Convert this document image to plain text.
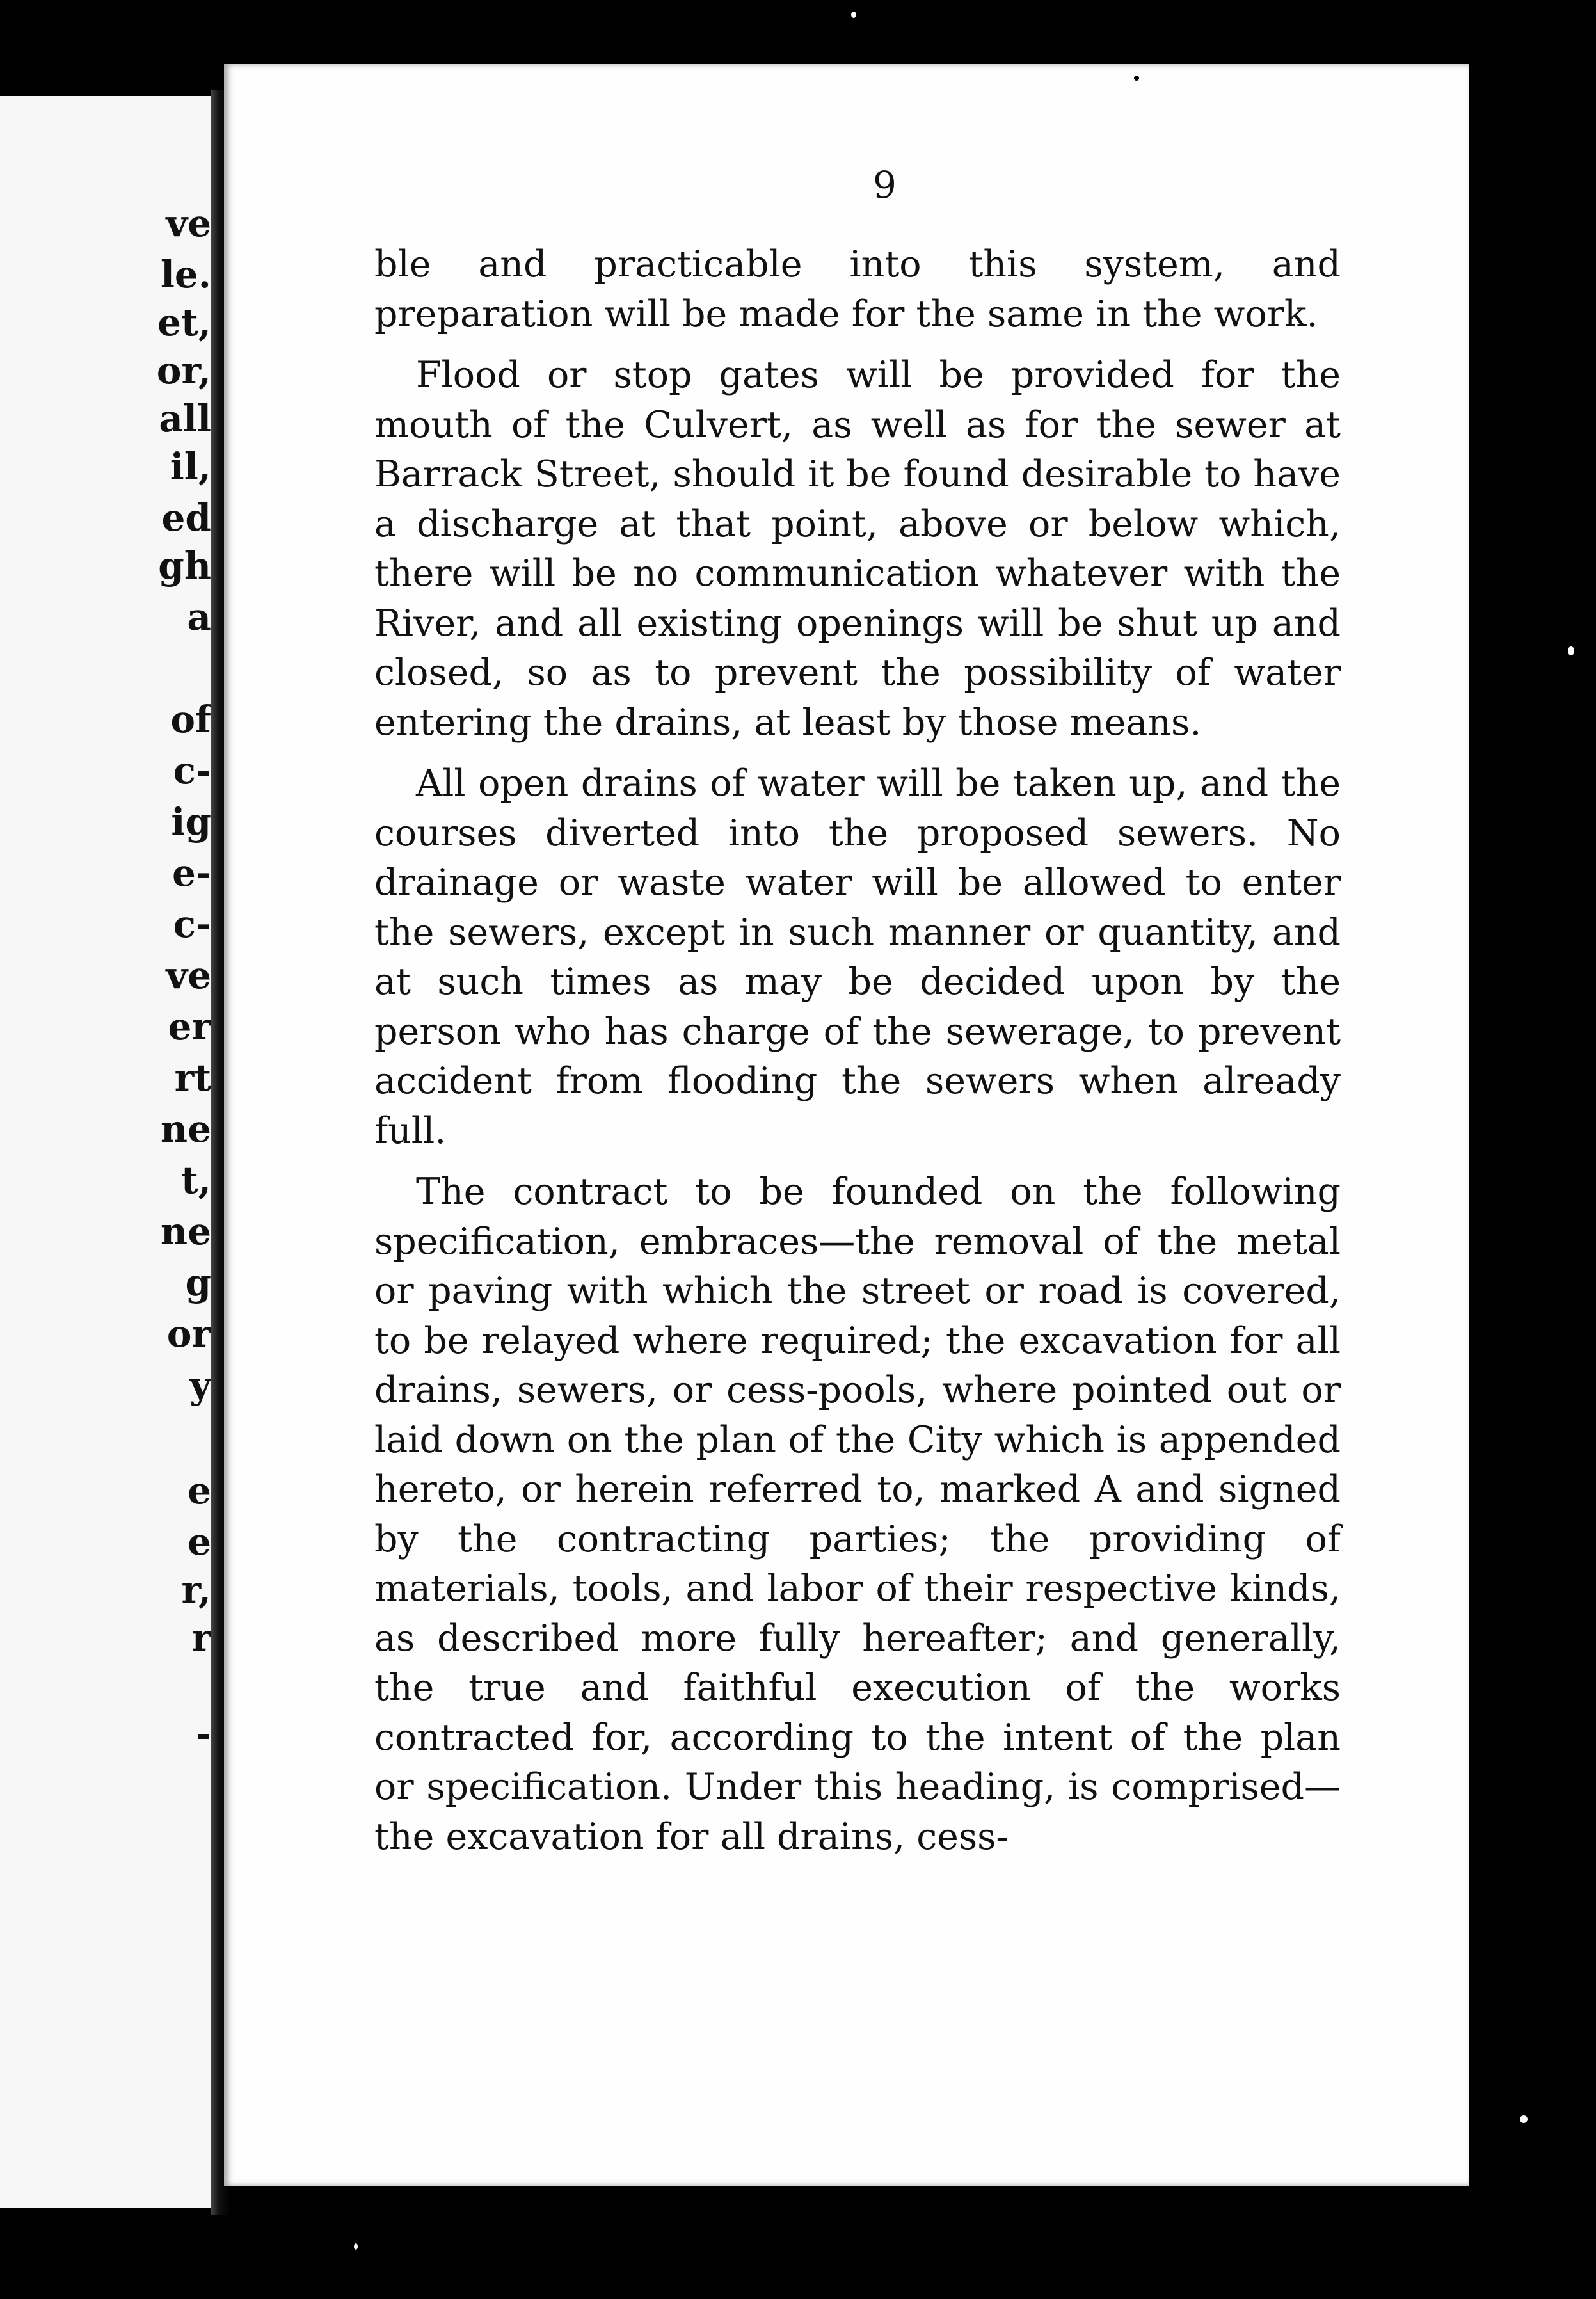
ve
le.
et,
or,
all
il,
ed
gh
a
of
c-
ig
e-
c-
ve
er
rt
ne
t,
ne
g
or
y
e
e
r,
r
-
9

ble and practicable into this system, and preparation will be made for the same in the work.

Flood or stop gates will be provided for the mouth of the Culvert, as well as for the sewer at Barrack Street, should it be found desirable to have a discharge at that point, above or below which, there will be no communication whatever with the River, and all existing openings will be shut up and closed, so as to prevent the possibility of water entering the drains, at least by those means.

All open drains of water will be taken up, and the courses diverted into the proposed sewers. No drainage or waste water will be allowed to enter the sewers, except in such manner or quantity, and at such times as may be decided upon by the person who has charge of the sewerage, to prevent accident from flooding the sewers when already full.

The contract to be founded on the following specification, embraces—the removal of the metal or paving with which the street or road is covered, to be relayed where required; the excavation for all drains, sewers, or cess-pools, where pointed out or laid down on the plan of the City which is appended hereto, or herein referred to, marked A and signed by the contracting parties; the providing of materials, tools, and labor of their respective kinds, as described more fully hereafter; and generally, the true and faithful execution of the works contracted for, according to the intent of the plan or specification. Under this heading, is comprised—the excavation for all drains, cess-
